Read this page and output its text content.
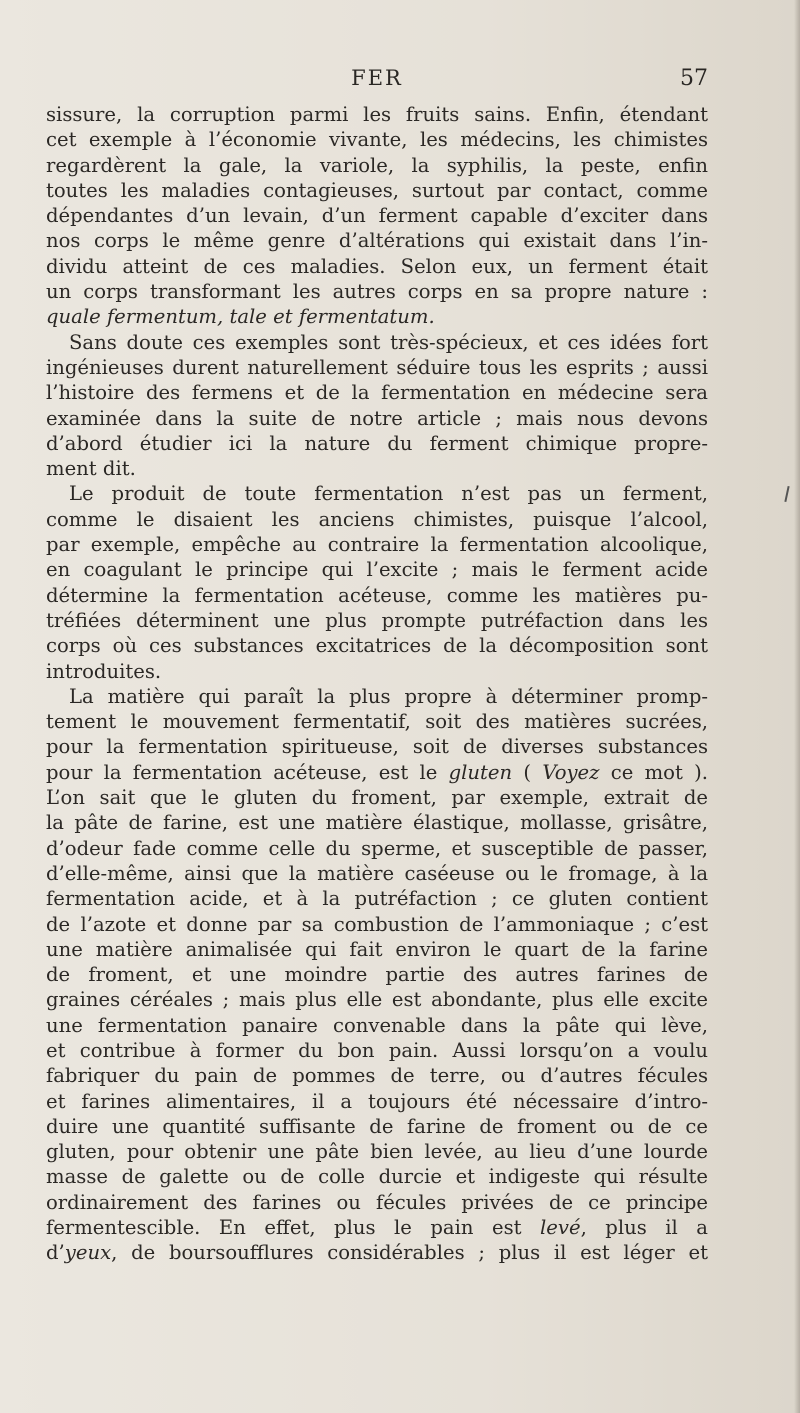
FER	57
sissure, la corruption parmi les fruits sains. Enfin, étendant
cet exemple à l’économie vivante, les médecins, les chimistes
regardèrent la gale, la variole, la syphilis, la peste, enfin
toutes les maladies contagieuses, surtout par contact, comme
dépendantes d’un levain, d’un ferment capable d’exciter dans
nos corps le même genre d’altérations qui existait dans l’in-
dividu atteint de ces maladies. Selon eux, un ferment était
un corps transformant les autres corps en sa propre nature :
quale fermentum, tale et fermentatum.
Sans doute ces exemples sont très-spécieux, et ces idées fort
ingénieuses durent naturellement séduire tous les esprits ; aussi
l’histoire des fermens et de la fermentation en médecine sera
examinée dans la suite de notre article ; mais nous devons
d’abord étudier ici la nature du ferment chimique propre-
ment dit.
Le produit de toute fermentation n’est pas un ferment,
comme le disaient les anciens chimistes, puisque l’alcool,
par exemple, empêche au contraire la fermentation alcoolique,
en coagulant le principe qui l’excite ; mais le ferment acide
détermine la fermentation acéteuse, comme les matières pu-
tréfiées déterminent une plus prompte putréfaction dans les
corps où ces substances excitatrices de la décomposition sont
introduites.
La matière qui paraît la plus propre à déterminer promp-
tement le mouvement fermentatif, soit des matières sucrées,
pour la fermentation spiritueuse, soit de diverses substances
pour la fermentation acéteuse, est le gluten ( Voyez ce mot ).
L’on sait que le gluten du froment, par exemple, extrait de
la pâte de farine, est une matière élastique, mollasse, grisâtre,
d’odeur fade comme celle du sperme, et susceptible de passer,
d’elle-même, ainsi que la matière caséeuse ou le fromage, à la
fermentation acide, et à la putréfaction ; ce gluten contient
de l’azote et donne par sa combustion de l’ammoniaque ; c’est
une matière animalisée qui fait environ le quart de la farine
de froment, et une moindre partie des autres farines de
graines céréales ; mais plus elle est abondante, plus elle excite
une fermentation panaire convenable dans la pâte qui lève,
et contribue à former du bon pain. Aussi lorsqu’on a voulu
fabriquer du pain de pommes de terre, ou d’autres fécules
et farines alimentaires, il a toujours été nécessaire d’intro-
duire une quantité suffisante de farine de froment ou de ce
gluten, pour obtenir une pâte bien levée, au lieu d’une lourde
masse de galette ou de colle durcie et indigeste qui résulte
ordinairement des farines ou fécules privées de ce principe
fermentescible. En effet, plus le pain est levé, plus il a
d’yeux, de boursoufflures considérables ; plus il est léger et
